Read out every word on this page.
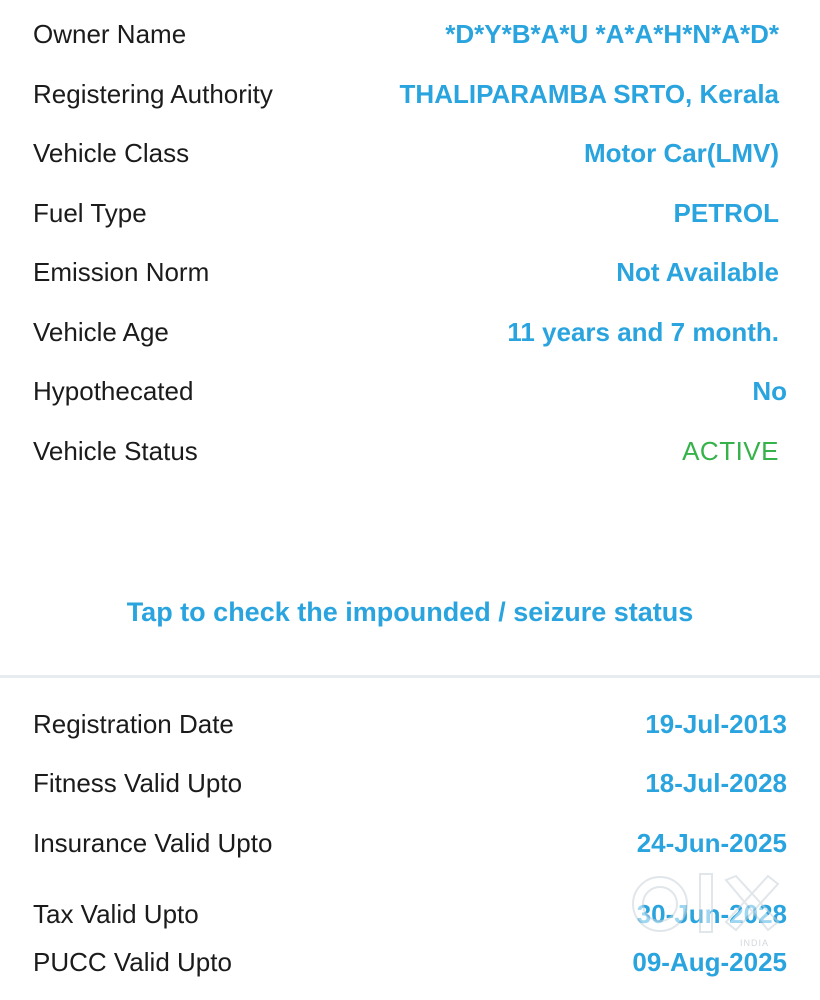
Owner Name	*D*Y*B*A*U *A*A*H*N*A*D*
Registering Authority	THALIPARAMBA SRTO, Kerala
Vehicle Class	Motor Car(LMV)
Fuel Type	PETROL
Emission Norm	Not Available
Vehicle Age	11 years and 7 month.
Hypothecated	No
Vehicle Status	ACTIVE
Tap to check the impounded / seizure status
Registration Date	19-Jul-2013
Fitness Valid Upto	18-Jul-2028
Insurance Valid Upto	24-Jun-2025
Tax Valid Upto	30-Jun-2028
PUCC Valid Upto	09-Aug-2025
INDIA
